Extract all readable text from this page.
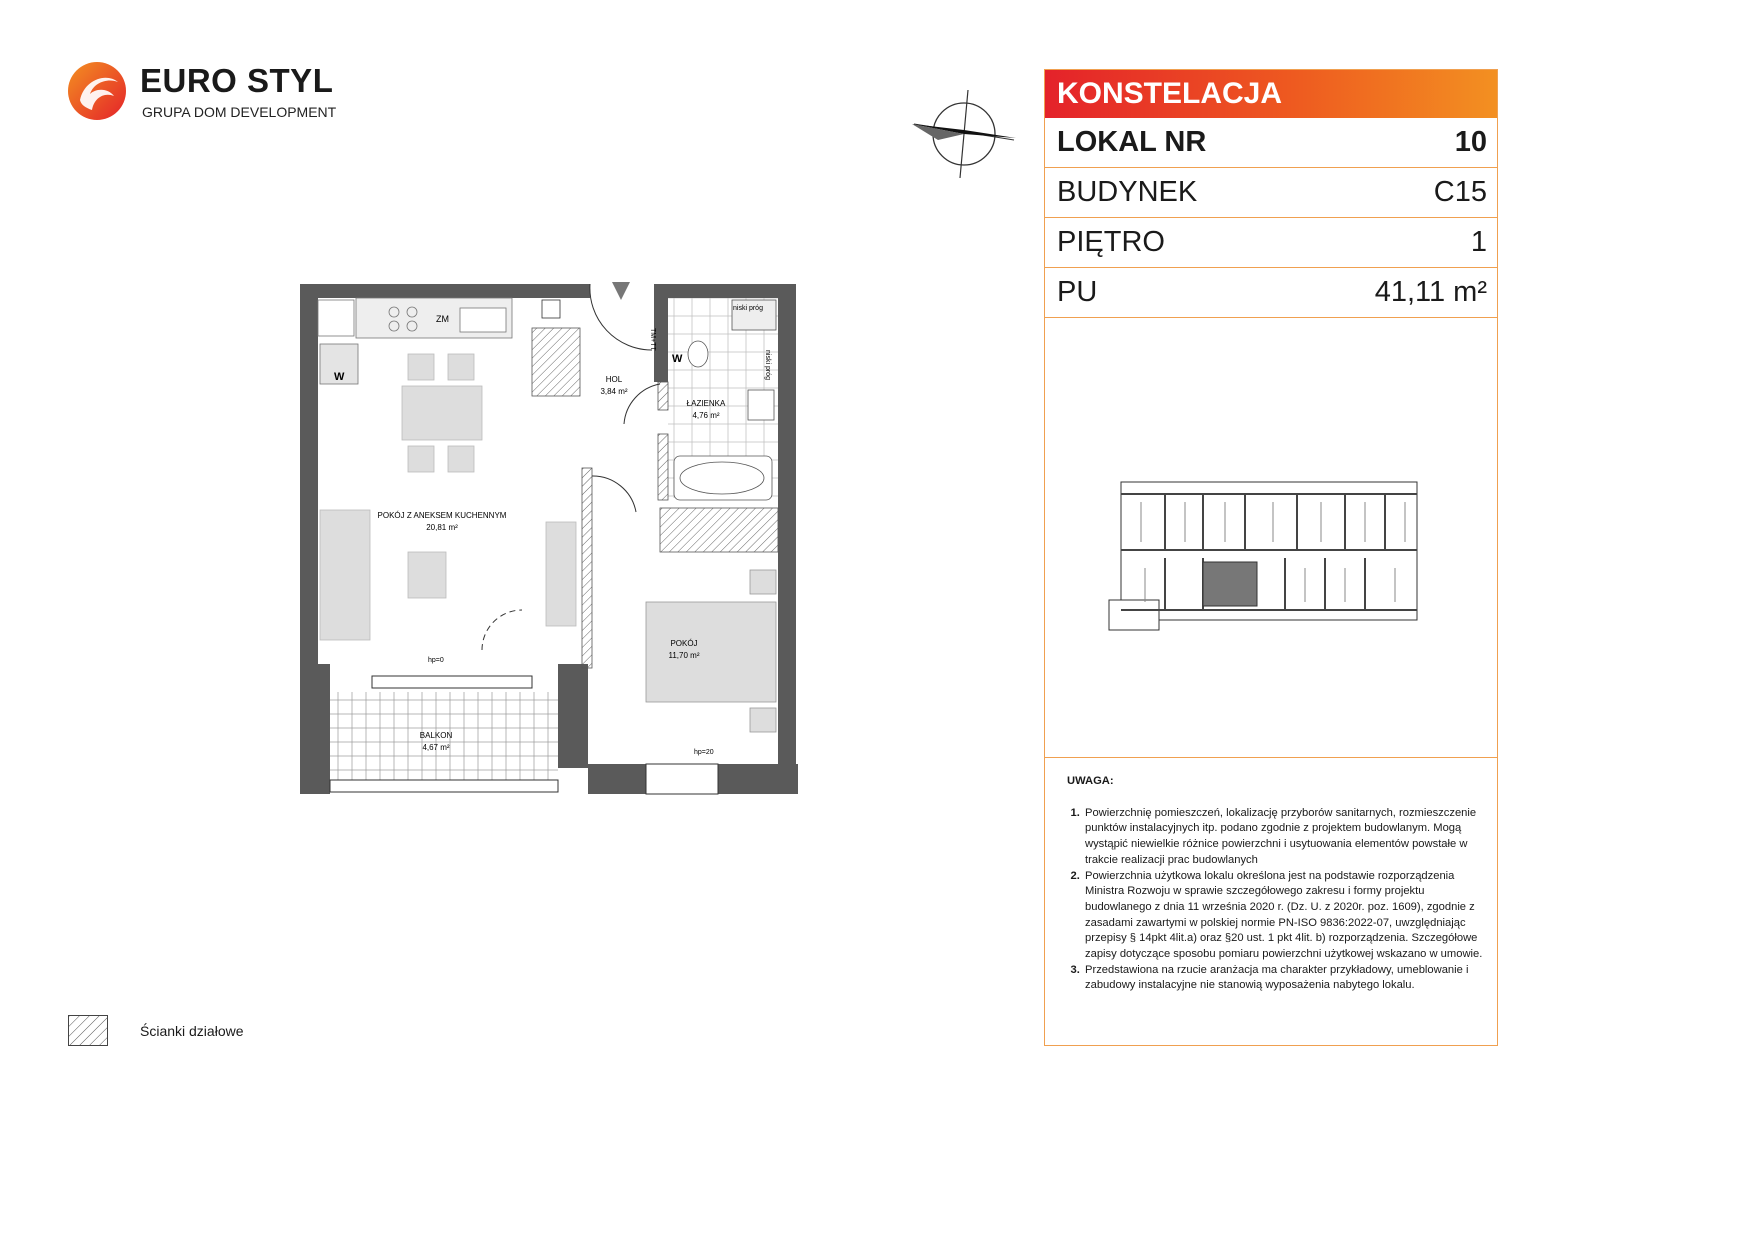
EURO STYL
GRUPA DOM DEVELOPMENT
ZM
W
niski próg
niski próg
TM+TT
W
hp=0
hp=20
POKÓJ Z ANEKSEM KUCHENNYM
20,81 m²
HOL
3,84 m²
ŁAZIENKA
4,76 m²
POKÓJ
11,70 m²
BALKON
4,67 m²
KONSTELACJA
LOKAL NR	10
BUDYNEK	C15
PIĘTRO	1
PU	41,11 m²
UWAGA:
1. Powierzchnię pomieszczeń, lokalizację przyborów sanitarnych, rozmieszczenie punktów instalacyjnych itp. podano zgodnie z projektem budowlanym. Mogą wystąpić niewielkie różnice powierzchni i usytuowania elementów powstałe w trakcie realizacji prac budowlanych
2. Powierzchnia użytkowa lokalu określona jest na podstawie rozporządzenia Ministra Rozwoju w sprawie szczegółowego zakresu i formy projektu budowlanego z dnia 11 września 2020 r. (Dz. U. z 2020r. poz. 1609), zgodnie z zasadami zawartymi w polskiej normie PN-ISO 9836:2022-07, uwzględniając przepisy § 14pkt 4lit.a) oraz §20 ust. 1 pkt 4lit. b) rozporządzenia. Szczegółowe zapisy dotyczące sposobu pomiaru powierzchni użytkowej wskazano w umowie.
3. Przedstawiona na rzucie aranżacja ma charakter przykładowy, umeblowanie i zabudowy instalacyjne nie stanowią wyposażenia nabytego lokalu.
Ścianki działowe
